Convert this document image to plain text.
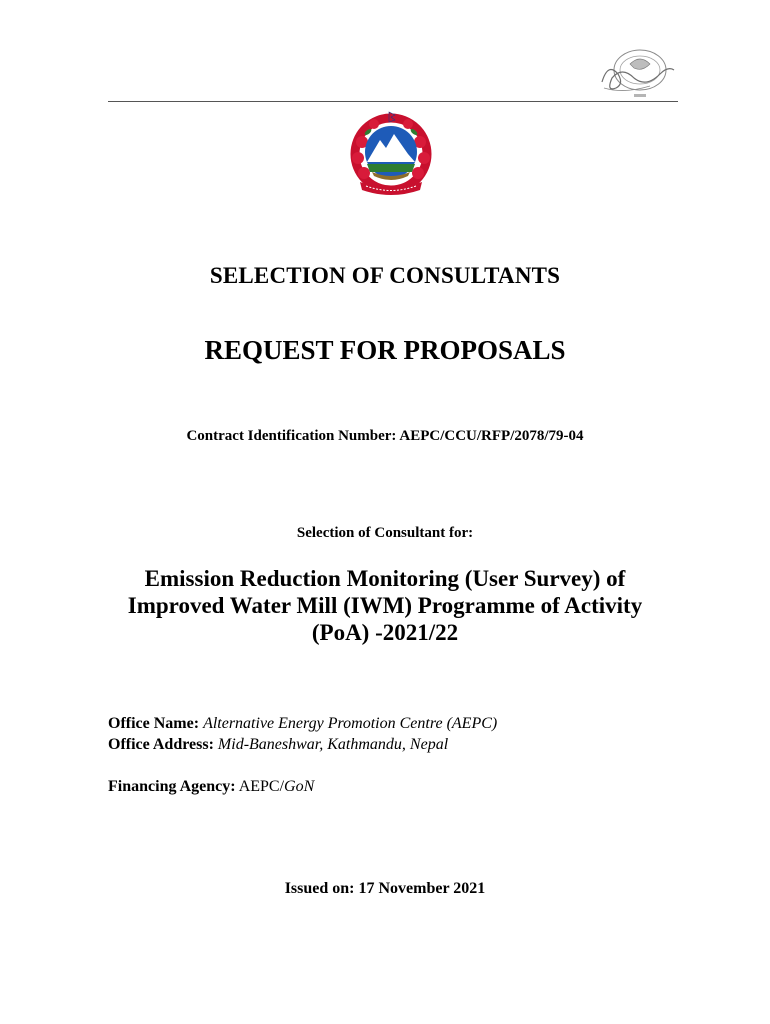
SELECTION OF CONSULTANTS
REQUEST FOR PROPOSALS
Contract Identification Number: AEPC/CCU/RFP/2078/79-04
Selection of Consultant for:
Emission Reduction Monitoring (User Survey) of
Improved Water Mill (IWM) Programme of Activity
(PoA) -2021/22
Office Name: Alternative Energy Promotion Centre (AEPC)
Office Address: Mid-Baneshwar, Kathmandu, Nepal
Financing Agency: AEPC/GoN
Issued on: 17 November 2021
